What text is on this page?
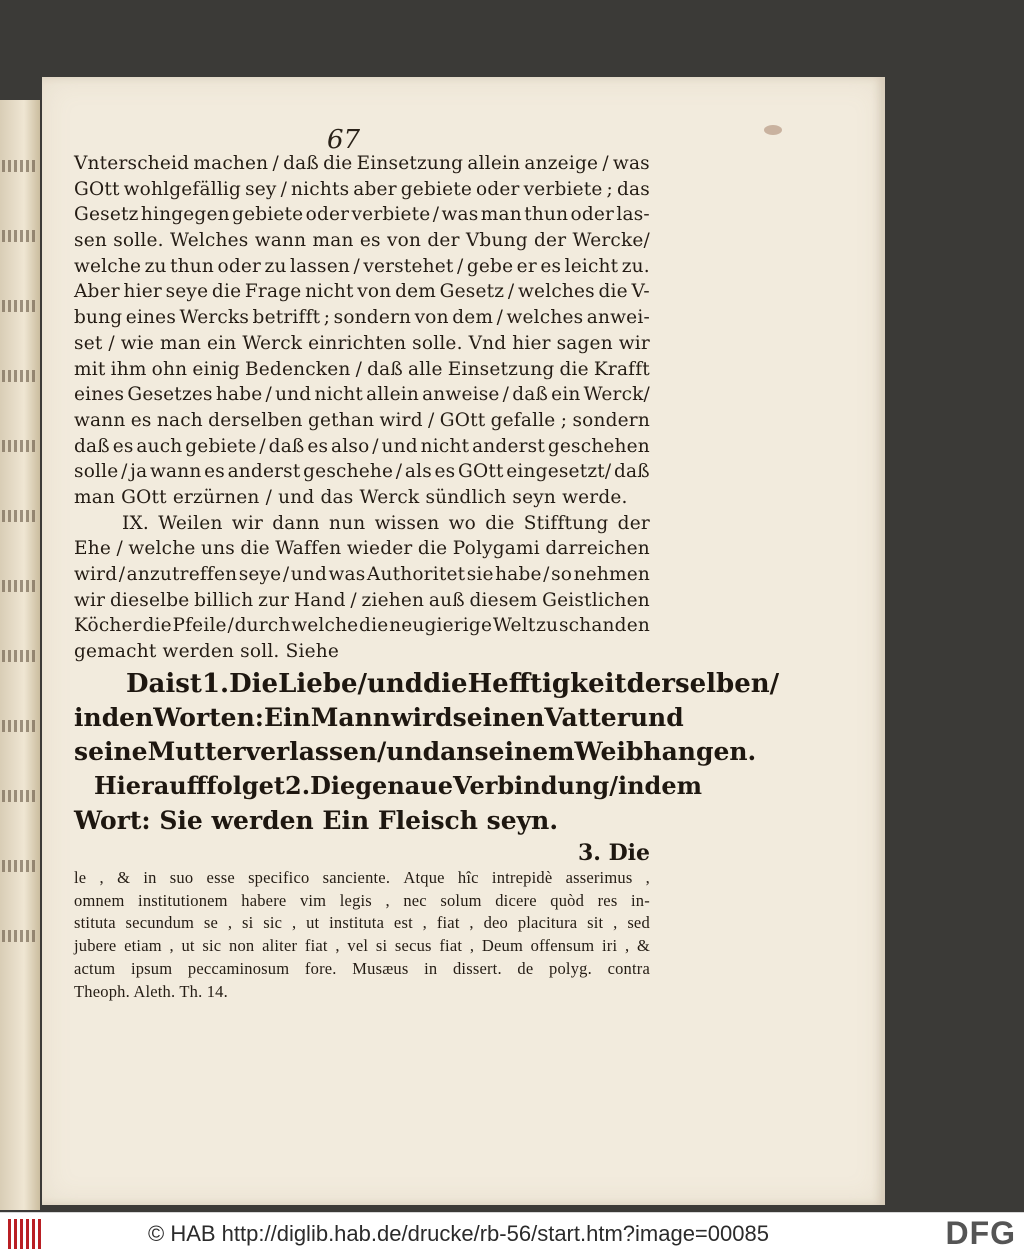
67
Vnterscheid machen / daß die Einsetzung allein anzeige / was
GOtt wohlgefällig sey / nichts aber gebiete oder verbiete ; das
Gesetz hingegen gebiete oder verbiete / was man thun oder las-
sen solle. Welches wann man es von der Vbung der Wercke/
welche zu thun oder zu lassen / verstehet / gebe er es leicht zu.
Aber hier seye die Frage nicht von dem Gesetz / welches die V-
bung eines Wercks betrifft ; sondern von dem / welches anwei-
set / wie man ein Werck einrichten solle. Vnd hier sagen wir
mit ihm ohn einig Bedencken / daß alle Einsetzung die Krafft
eines Gesetzes habe / und nicht allein anweise / daß ein Werck/
wann es nach derselben gethan wird / GOtt gefalle ; sondern
daß es auch gebiete / daß es also / und nicht anderst geschehen
solle / ja wann es anderst geschehe / als es GOtt eingesetzt/ daß
man GOtt erzürnen / und das Werck sündlich seyn werde.
IX. Weilen wir dann nun wissen wo die Stifftung der
Ehe / welche uns die Waffen wieder die Polygami darreichen
wird / anzutreffen seye / und was Authoritet sie habe / so nehmen
wir dieselbe billich zur Hand / ziehen auß diesem Geistlichen
Köcher die Pfeile / durch welche die neugierige Welt zu schanden
gemacht werden soll. Siehe
Da ist 1. Die Liebe/ und die Hefftigkeit derselben/
in den Worten : Ein Mann wird seinen Vatter und
seine Mutter verlassen/ und an seinem Weib hangen.
Hierauff folget 2. Die genaue Verbindung/ in dem
Wort: Sie werden Ein Fleisch seyn.
3. Die
le , & in suo esse specifico sanciente. Atque hîc intrepidè asserimus ,
omnem institutionem habere vim legis , nec solum dicere quòd res in-
stituta secundum se , si sic , ut instituta est , fiat , deo placitura sit , sed
jubere etiam , ut sic non aliter fiat , vel si secus fiat , Deum offensum iri , &
actum ipsum peccaminosum fore. Musæus in dissert. de polyg. contra
Theoph. Aleth. Th. 14.
© HAB http://diglib.hab.de/drucke/rb-56/start.htm?image=00085	DFG
